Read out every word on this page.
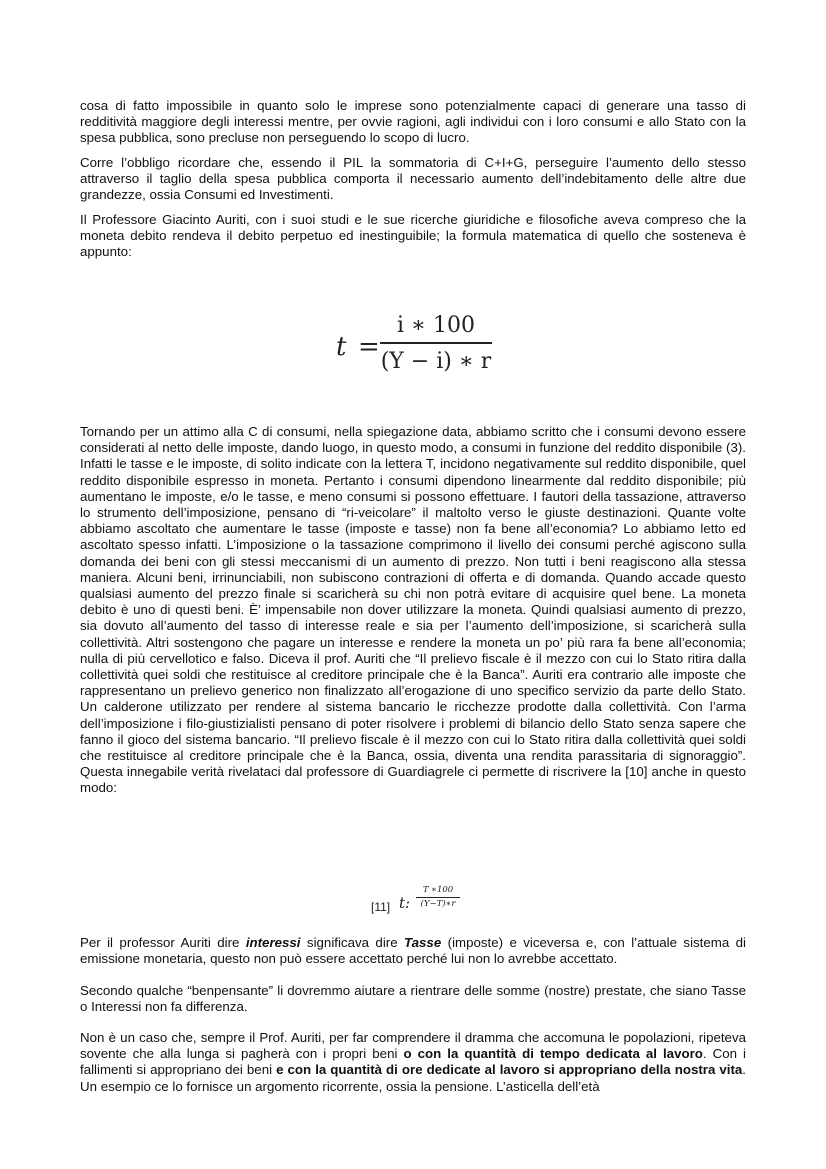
cosa di fatto impossibile in quanto solo le imprese sono potenzialmente capaci di generare una tasso di redditività maggiore degli interessi mentre, per ovvie ragioni, agli individui con i loro consumi e allo Stato con la spesa pubblica, sono precluse non perseguendo lo scopo di lucro.

Corre l’obbligo ricordare che, essendo il PIL la sommatoria di C+I+G, perseguire l’aumento dello stesso attraverso il taglio della spesa pubblica comporta il necessario aumento dell’indebitamento delle altre due grandezze, ossia Consumi ed Investimenti.

Il Professore Giacinto Auriti, con i suoi studi e le sue ricerche giuridiche e filosofiche aveva compreso che la moneta debito rendeva il debito perpetuo ed inestinguibile; la formula matematica di quello che sosteneva è appunto:

t =
i ∗ 100
(Y − i) ∗ r

Tornando per un attimo alla C di consumi, nella spiegazione data, abbiamo scritto che i consumi devono essere considerati al netto delle imposte, dando luogo, in questo modo, a consumi in funzione del reddito disponibile (3). Infatti le tasse e le imposte, di solito indicate con la lettera T, incidono negativamente sul reddito disponibile, quel reddito disponibile espresso in moneta. Pertanto i consumi dipendono linearmente dal reddito disponibile; più aumentano le imposte, e/o le tasse, e meno consumi si possono effettuare. I fautori della tassazione, attraverso lo strumento dell’imposizione, pensano di “ri-veicolare” il maltolto verso le giuste destinazioni. Quante volte abbiamo ascoltato che aumentare le tasse (imposte e tasse) non fa bene all’economia? Lo abbiamo letto ed ascoltato spesso infatti. L’imposizione o la tassazione comprimono il livello dei consumi perché agiscono sulla domanda dei beni con gli stessi meccanismi di un aumento di prezzo. Non tutti i beni reagiscono alla stessa maniera. Alcuni beni, irrinunciabili, non subiscono contrazioni di offerta e di domanda. Quando accade questo qualsiasi aumento del prezzo finale si scaricherà su chi non potrà evitare di acquisire quel bene. La moneta debito è uno di questi beni. È’ impensabile non dover utilizzare la moneta. Quindi qualsiasi aumento di prezzo, sia dovuto all’aumento del tasso di interesse reale e sia per l’aumento dell’imposizione, si scaricherà sulla collettività. Altri sostengono che pagare un interesse e rendere la moneta un po’ più rara fa bene all’economia; nulla di più cervellotico e falso. Diceva il prof. Auriti che “Il prelievo fiscale è il mezzo con cui lo Stato ritira dalla collettività quei soldi che restituisce al creditore principale che è la Banca”. Auriti era contrario alle imposte che rappresentano un prelievo generico non finalizzato all’erogazione di uno specifico servizio da parte dello Stato. Un calderone utilizzato per rendere al sistema bancario le ricchezze prodotte dalla collettività. Con l’arma dell’imposizione i filo-giustizialisti pensano di poter risolvere i problemi di bilancio dello Stato senza sapere che fanno il gioco del sistema bancario. “Il prelievo fiscale è il mezzo con cui lo Stato ritira dalla collettività quei soldi che restituisce al creditore principale che è la Banca, ossia, diventa una rendita parassitaria di signoraggio”. Questa innegabile verità rivelataci dal professore di Guardiagrele ci permette di riscrivere la [10] anche in questo modo:

[11] t:
T ∗100
(Y−T)∗r

Per il professor Auriti dire interessi significava dire Tasse (imposte) e viceversa e, con l’attuale sistema di emissione monetaria, questo non può essere accettato perché lui non lo avrebbe accettato.

Secondo qualche “benpensante” li dovremmo aiutare a rientrare delle somme (nostre) prestate, che siano Tasse o Interessi non fa differenza.

Non è un caso che, sempre il Prof. Auriti, per far comprendere il dramma che accomuna le popolazioni, ripeteva sovente che alla lunga si pagherà con i propri beni o con la quantità di tempo dedicata al lavoro. Con i fallimenti si appropriano dei beni e con la quantità di ore dedicate al lavoro si appropriano della nostra vita. Un esempio ce lo fornisce un argomento ricorrente, ossia la pensione. L’asticella dell’età
